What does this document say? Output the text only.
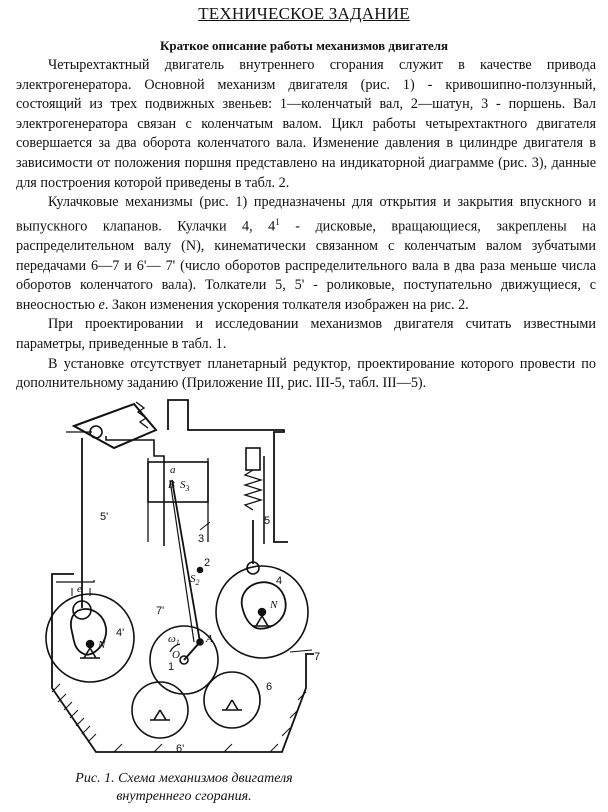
ТЕХНИЧЕСКОЕ ЗАДАНИЕ
Краткое описание работы механизмов двигателя

Четырехтактный двигатель внутреннего сгорания служит в качестве привода электрогенератора. Основной механизм двигателя (рис. 1) - кривошипно-ползунный, состоящий из трех подвижных звеньев: 1—коленчатый вал, 2—шатун, 3 - поршень. Вал электрогенератора связан с коленчатым валом. Цикл работы четырехтактного двигателя совершается за два оборота коленчатого вала. Изменение давления в цилиндре двигателя в зависимости от положения поршня представлено на индикаторной диаграмме (рис. 3), данные для построения которой приведены в табл. 2.

Кулачковые механизмы (рис. 1) предназначены для открытия и закрытия впускного и выпускного клапанов. Кулачки 4, $4^1$ - дисковые, вращающиеся, закреплены на распределительном валу (N), кинематически связанном с коленчатым валом зубчатыми передачами 6—7 и 6'— 7' (число оборотов распределительного вала в два раза меньше числа оборотов коленчатого вала). Толкатели 5, 5' - роликовые, поступательно движущиеся, с внеосностью е. Закон изменения ускорения толкателя изображен на рис. 2.

При проектировании и исследовании механизмов двигателя считать известными параметры, приведенные в табл. 1.

В установке отсутствует планетарный редуктор, проектирование которого провести по дополнительному заданию (Приложение III, рис. III-5, табл. III—5).

5'	5
4'
4
7'
7
6
6'
3
2
1
B $S_3$
$S_2$
A
O
N
N
e
$\omega_1$
a
Рис. 1. Схема механизмов двигателя
внутреннего сгорания.
